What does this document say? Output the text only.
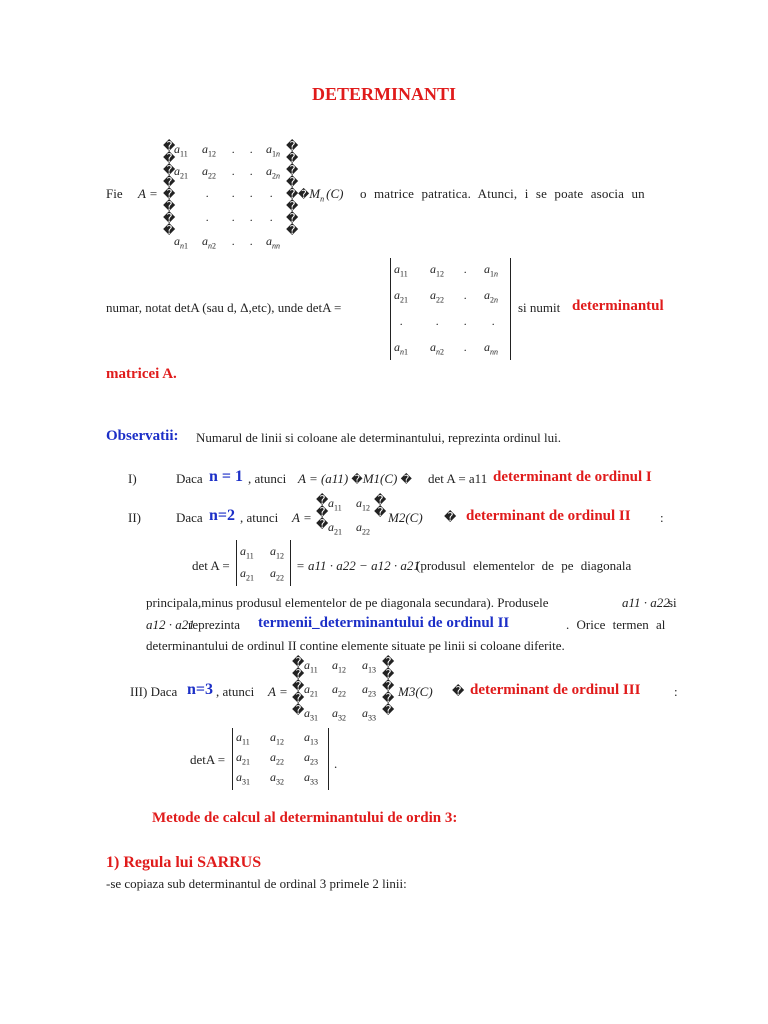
DETERMINANTI
Fie A =
�
�
�
�
�
�
�
�
�
�
�
�
�
�
�
�
$a_{11}$ $a_{12}$ . . $a_{1n}$
$a_{21}$ $a_{22}$ . . $a_{2n}$
. . . .
. . . .
$a_{n1}$ $a_{n2}$ . . $a_{nn}$
$�M_n$ (C) o matrice patratica. Atunci, i se poate asocia un
numar, notat detA (sau d, Δ,etc), unde detA =
$a_{11}$ $a_{12}$ . $a_{1n}$
$a_{21}$ $a_{22}$ . $a_{2n}$
.	. . .
$a_{n1}$ $a_{n2}$ . $a_{nn}$
si numit determinantul
matricei A.
Observatii: Numarul de linii si coloane ale determinantului, reprezinta ordinul lui.
I)	Daca n = 1 , atunci A = (a11) �M1(C) � det A = a11 determinant de ordinul I
II)	Daca n=2 , atunci A =
�
�
�
$a_{11}$ $a_{12}$
$a_{21}$ $a_{22}$
�
� M2(C) � determinant de ordinul II :
det A =
$a_{11}$ $a_{12}$
$a_{21}$ $a_{22}$
= a11 · a22 − a12 · a21
(produsul elementelor de pe diagonala
principala,minus produsul elementelor de pe diagonala secundara). Produsele	a11 · a22
si
a12 · a21
reprezinta termenii_determinantului de ordinul II	. Orice termen al
determinantului de ordinul II contine elemente situate pe linii si coloane diferite.
III) Daca n=3 , atunci A =
�
�
�
�
�
$a_{11}$ $a_{12}$ $a_{13}$
$a_{21}$ $a_{22}$ $a_{23}$
$a_{31}$ $a_{32}$ $a_{33}$
�
�
�
�
�
M3(C) � determinant de ordinul III	:
detA =
$a_{11}$ $a_{12}$ $a_{13}$
$a_{21}$ $a_{22}$ $a_{23}$
$a_{31}$ $a_{32}$ $a_{33}$
.
Metode de calcul al determinantului de ordin 3:
1) Regula lui SARRUS
-se copiaza sub determinantul de ordinal 3 primele 2 linii:
